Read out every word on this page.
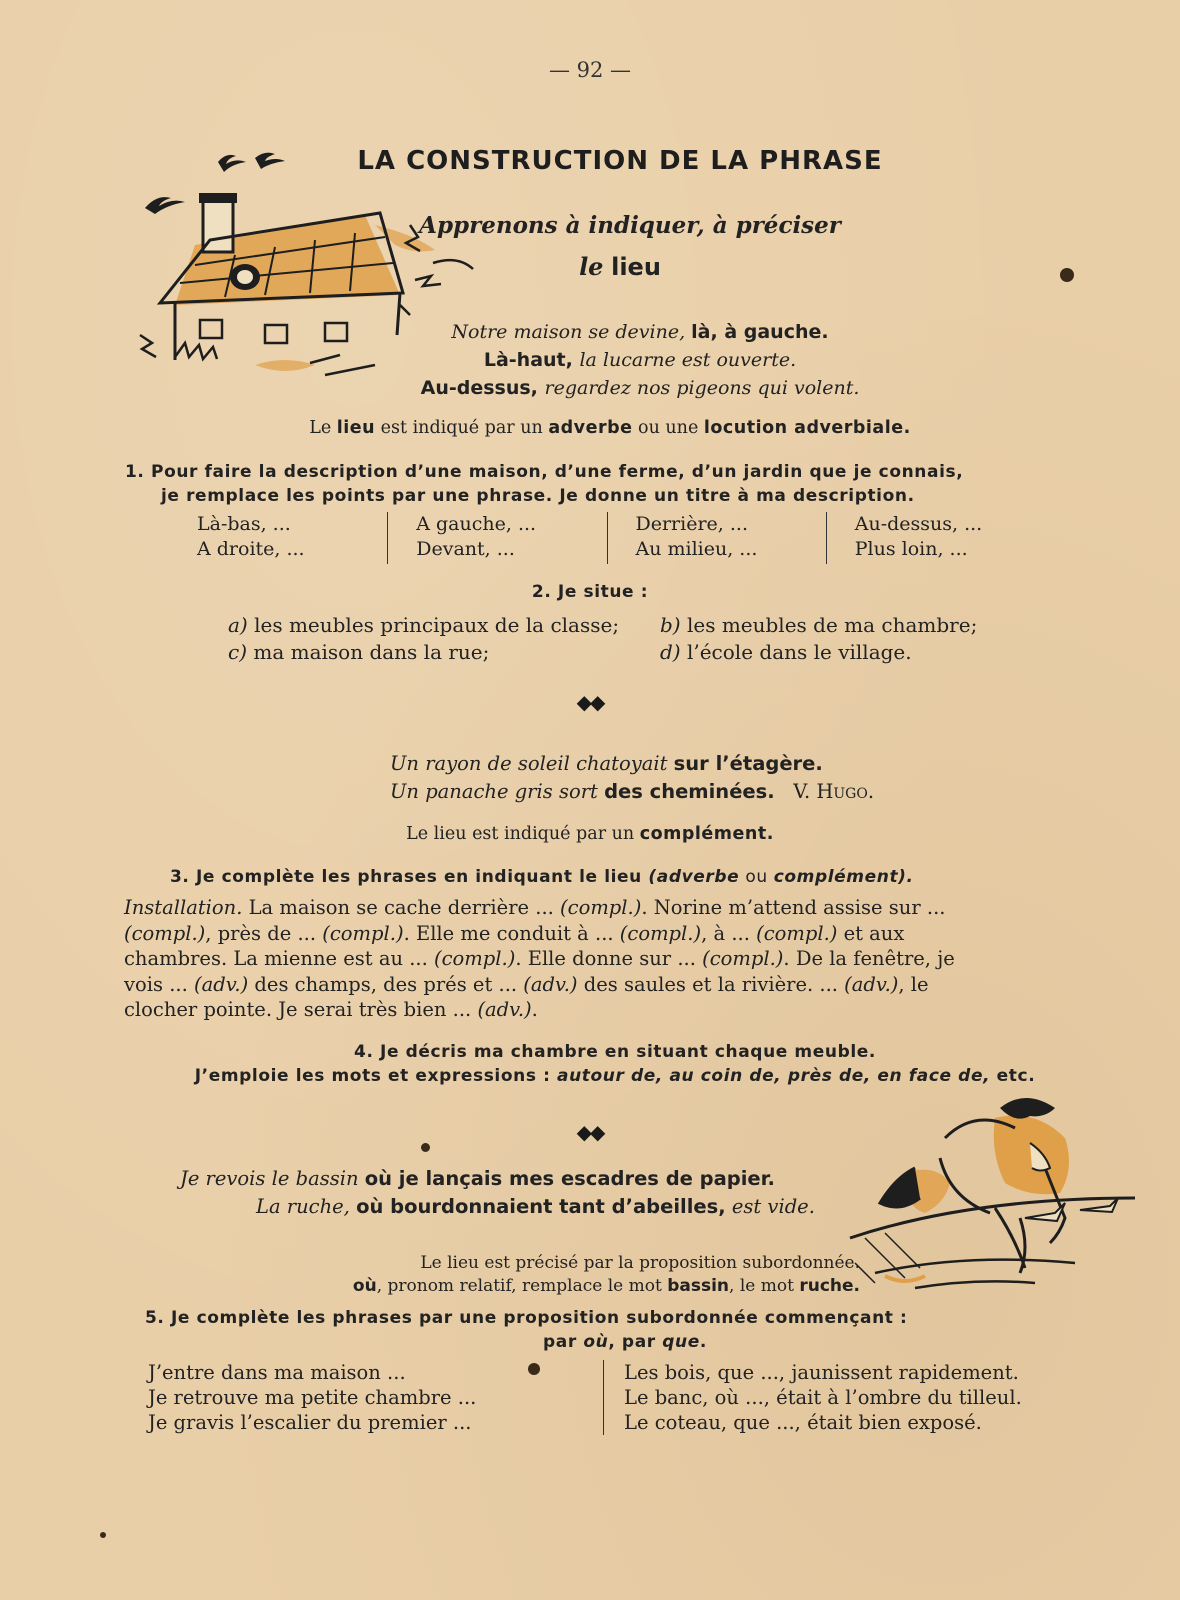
— 92 —
LA CONSTRUCTION DE LA PHRASE
Apprenons à indiquer, à préciser
le lieu
Notre maison se devine, là, à gauche.
Là-haut, la lucarne est ouverte.
Au-dessus, regardez nos pigeons qui volent.
Le lieu est indiqué par un adverbe ou une locution adverbiale.
1. Pour faire la description d’une maison, d’une ferme, d’un jardin que je connais,
je remplace les points par une phrase. Je donne un titre à ma description.
Là-bas, ...
A droite, ...
A gauche, ...
Devant, ...
Derrière, ...
Au milieu, ...
Au-dessus, ...
Plus loin, ...
2. Je situe :
a) les meubles principaux de la classe;	b) les meubles de ma chambre;
c) ma maison dans la rue;	d) l’école dans le village.
◆◆
Un rayon de soleil chatoyait sur l’étagère.
Un panache gris sort des cheminées. V. Hugo.
Le lieu est indiqué par un complément.
3. Je complète les phrases en indiquant le lieu (adverbe ou complément).
Installation. La maison se cache derrière ... (compl.). Norine m’attend assise sur ...
(compl.), près de ... (compl.). Elle me conduit à ... (compl.), à ... (compl.) et aux
chambres. La mienne est au ... (compl.). Elle donne sur ... (compl.). De la fenêtre, je
vois ... (adv.) des champs, des prés et ... (adv.) des saules et la rivière. ... (adv.), le
clocher pointe. Je serai très bien ... (adv.).
4. Je décris ma chambre en situant chaque meuble.
J’emploie les mots et expressions : autour de, au coin de, près de, en face de, etc.
◆◆
Je revois le bassin où je lançais mes escadres de papier.
La ruche, où bourdonnaient tant d’abeilles, est vide.
Le lieu est précisé par la proposition subordonnée.
où, pronom relatif, remplace le mot bassin, le mot ruche.
5. Je complète les phrases par une proposition subordonnée commençant :
par où, par que.
J’entre dans ma maison ...
Je retrouve ma petite chambre ...
Je gravis l’escalier du premier ...
Les bois, que ..., jaunissent rapidement.
Le banc, où ..., était à l’ombre du tilleul.
Le coteau, que ..., était bien exposé.
